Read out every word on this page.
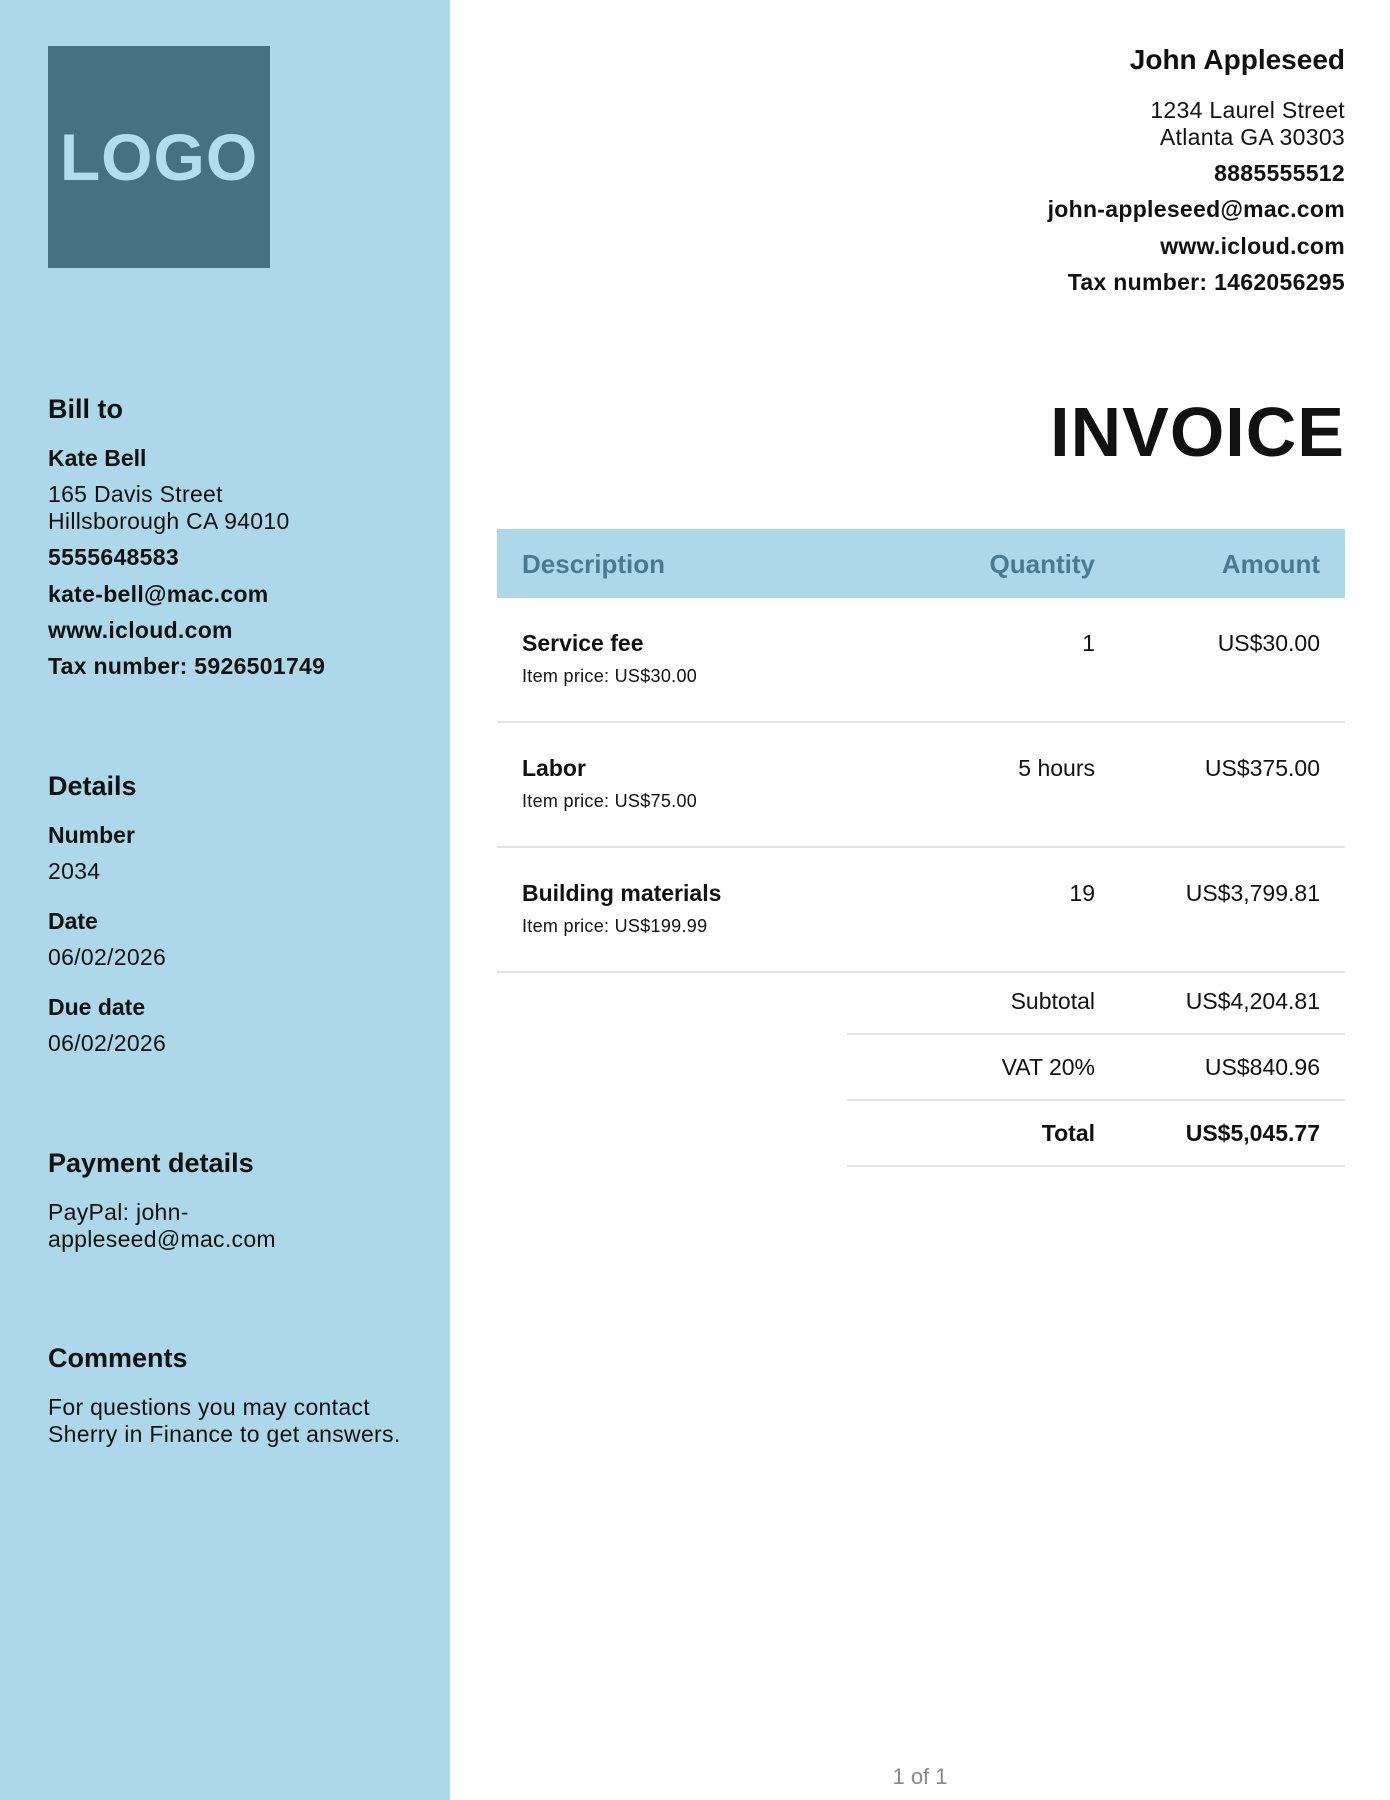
LOGO

Bill to

Kate Bell

165 Davis Street

Hillsborough CA 94010

5555648583

kate-bell@mac.com

www.icloud.com

Tax number: 5926501749

Details

Number

2034

Date

06/02/2026

Due date

06/02/2026

Payment details

PayPal: john-appleseed@mac.com

Comments

For questions you may contact Sherry in Finance to get answers.

John Appleseed

1234 Laurel Street

Atlanta GA 30303

8885555512

john-appleseed@mac.com

www.icloud.com

Tax number: 1462056295

INVOICE

Description	Quantity	Amount

Service fee

Item price: US$30.00

1	US$30.00

Labor

Item price: US$75.00

5 hours	US$375.00

Building materials

Item price: US$199.99

19	US$3,799.81

Subtotal	US$4,204.81

VAT 20%	US$840.96

Total	US$5,045.77

1 of 1
